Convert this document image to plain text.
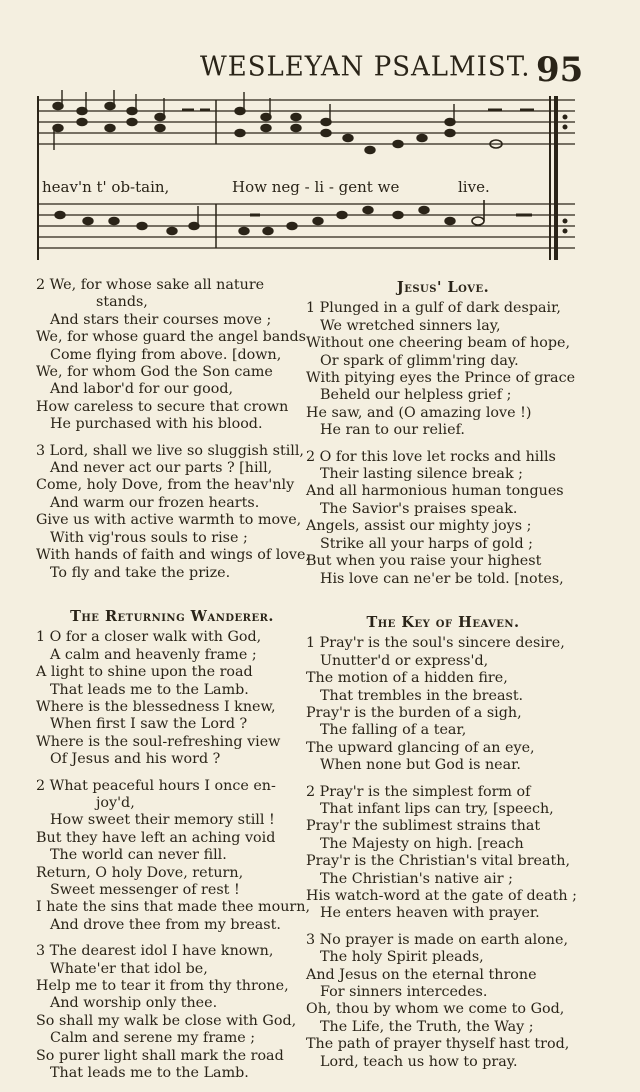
WESLEYAN PSALMIST. 95
heav'n t' ob-tain,	How neg - li - gent we	live.
2 We, for whose sake all nature
stands,
And stars their courses move ;
We, for whose guard the angel bands
Come flying from above. [down,
We, for whom God the Son came
And labor'd for our good,
How careless to secure that crown
He purchased with his blood.
3 Lord, shall we live so sluggish still,
And never act our parts ? [hill,
Come, holy Dove, from the heav'nly
And warm our frozen hearts.
Give us with active warmth to move,
With vig'rous souls to rise ;
With hands of faith and wings of love,
To fly and take the prize.
The Returning Wanderer.
1 O for a closer walk with God,
A calm and heavenly frame ;
A light to shine upon the road
That leads me to the Lamb.
Where is the blessedness I knew,
When first I saw the Lord ?
Where is the soul-refreshing view
Of Jesus and his word ?
2 What peaceful hours I once en-
joy'd,
How sweet their memory still !
But they have left an aching void
The world can never fill.
Return, O holy Dove, return,
Sweet messenger of rest !
I hate the sins that made thee mourn,
And drove thee from my breast.
3 The dearest idol I have known,
Whate'er that idol be,
Help me to tear it from thy throne,
And worship only thee.
So shall my walk be close with God,
Calm and serene my frame ;
So purer light shall mark the road
That leads me to the Lamb.
Jesus' Love.
1 Plunged in a gulf of dark despair,
We wretched sinners lay,
Without one cheering beam of hope,
Or spark of glimm'ring day.
With pitying eyes the Prince of grace
Beheld our helpless grief ;
He saw, and (O amazing love !)
He ran to our relief.
2 O for this love let rocks and hills
Their lasting silence break ;
And all harmonious human tongues
The Savior's praises speak.
Angels, assist our mighty joys ;
Strike all your harps of gold ;
But when you raise your highest
His love can ne'er be told. [notes,
The Key of Heaven.
1 Pray'r is the soul's sincere desire,
Unutter'd or express'd,
The motion of a hidden fire,
That trembles in the breast.
Pray'r is the burden of a sigh,
The falling of a tear,
The upward glancing of an eye,
When none but God is near.
2 Pray'r is the simplest form of
That infant lips can try, [speech,
Pray'r the sublimest strains that
The Majesty on high. [reach
Pray'r is the Christian's vital breath,
The Christian's native air ;
His watch-word at the gate of death ;
He enters heaven with prayer.
3 No prayer is made on earth alone,
The holy Spirit pleads,
And Jesus on the eternal throne
For sinners intercedes.
Oh, thou by whom we come to God,
The Life, the Truth, the Way ;
The path of prayer thyself hast trod,
Lord, teach us how to pray.
